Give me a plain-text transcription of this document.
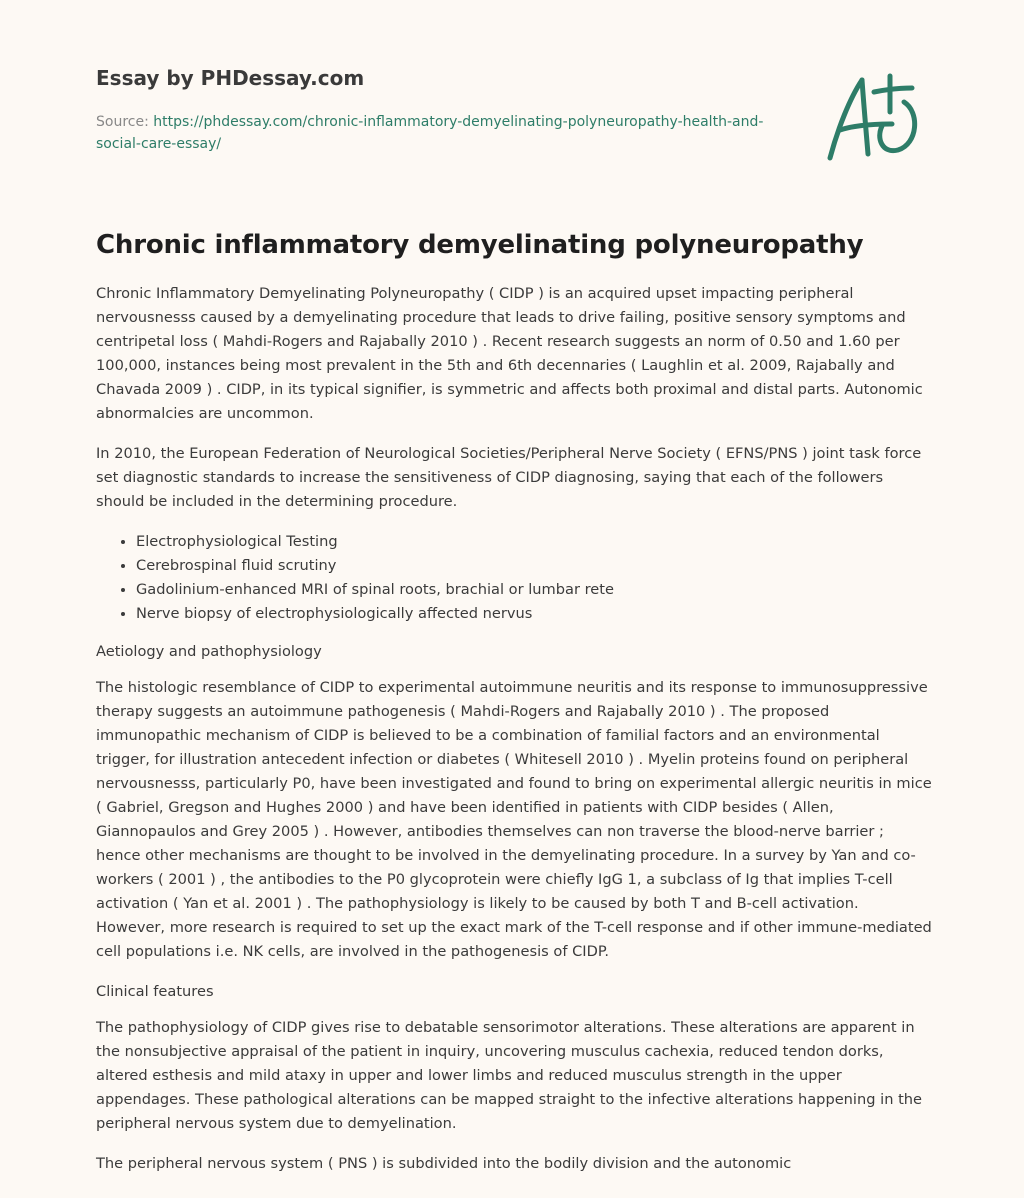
Essay by PHDessay.com
Source: https://phdessay.com/chronic-inflammatory-demyelinating-polyneuropathy-health-and-social-care-essay/
Chronic inflammatory demyelinating polyneuropathy

Chronic Inflammatory Demyelinating Polyneuropathy ( CIDP ) is an acquired upset impacting peripheral nervousnesss caused by a demyelinating procedure that leads to drive failing, positive sensory symptoms and centripetal loss ( Mahdi-Rogers and Rajabally 2010 ) . Recent research suggests an norm of 0.50 and 1.60 per 100,000, instances being most prevalent in the 5th and 6th decennaries ( Laughlin et al. 2009, Rajabally and Chavada 2009 ) . CIDP, in its typical signifier, is symmetric and affects both proximal and distal parts. Autonomic abnormalcies are uncommon.

In 2010, the European Federation of Neurological Societies/Peripheral Nerve Society ( EFNS/PNS ) joint task force set diagnostic standards to increase the sensitiveness of CIDP diagnosing, saying that each of the followers should be included in the determining procedure.

• Electrophysiological Testing
• Cerebrospinal fluid scrutiny
• Gadolinium-enhanced MRI of spinal roots, brachial or lumbar rete
• Nerve biopsy of electrophysiologically affected nervus

Aetiology and pathophysiology

The histologic resemblance of CIDP to experimental autoimmune neuritis and its response to immunosuppressive therapy suggests an autoimmune pathogenesis ( Mahdi-Rogers and Rajabally 2010 ) . The proposed immunopathic mechanism of CIDP is believed to be a combination of familial factors and an environmental trigger, for illustration antecedent infection or diabetes ( Whitesell 2010 ) . Myelin proteins found on peripheral nervousnesss, particularly P0, have been investigated and found to bring on experimental allergic neuritis in mice ( Gabriel, Gregson and Hughes 2000 ) and have been identified in patients with CIDP besides ( Allen, Giannopaulos and Grey 2005 ) . However, antibodies themselves can non traverse the blood-nerve barrier ; hence other mechanisms are thought to be involved in the demyelinating procedure. In a survey by Yan and co-workers ( 2001 ) , the antibodies to the P0 glycoprotein were chiefly IgG 1, a subclass of Ig that implies T-cell activation ( Yan et al. 2001 ) . The pathophysiology is likely to be caused by both T and B-cell activation. However, more research is required to set up the exact mark of the T-cell response and if other immune-mediated cell populations i.e. NK cells, are involved in the pathogenesis of CIDP.

Clinical features

The pathophysiology of CIDP gives rise to debatable sensorimotor alterations. These alterations are apparent in the nonsubjective appraisal of the patient in inquiry, uncovering musculus cachexia, reduced tendon dorks, altered esthesis and mild ataxy in upper and lower limbs and reduced musculus strength in the upper appendages. These pathological alterations can be mapped straight to the infective alterations happening in the peripheral nervous system due to demyelination.

The peripheral nervous system ( PNS ) is subdivided into the bodily division and the autonomic
